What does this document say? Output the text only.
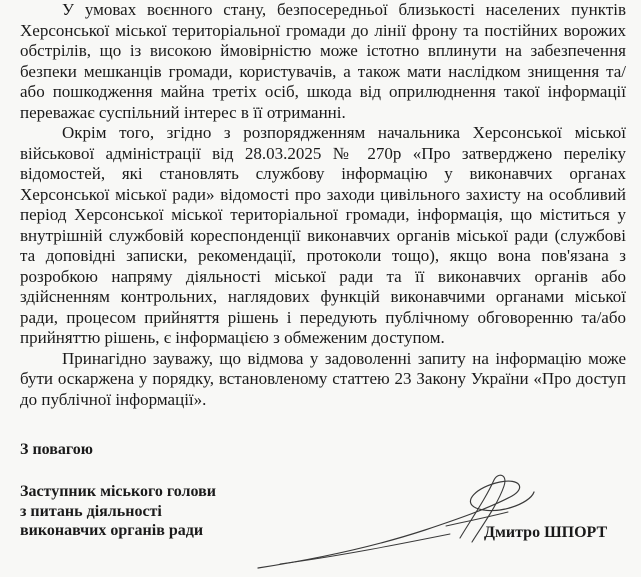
У умовах воєнного стану, безпосередньої близькості населених пунктів Херсонської міської територіальної громади до лінії фрону та постійних ворожих обстрілів, що із високою ймовірністю може істотно вплинути на забезпечення безпеки мешканців громади, користувачів, а також мати наслідком знищення та/або пошкодження майна третіх осіб, шкода від оприлюднення такої інформації переважає суспільний інтерес в її отриманні.

Окрім того, згідно з розпорядженням начальника Херсонської міської військової адміністрації від 28.03.2025 № 270р «Про затверджено переліку відомостей, які становлять службову інформацію у виконавчих органах Херсонської міської ради» відомості про заходи цивільного захисту на особливий період Херсонської міської територіальної громади, інформація, що міститься у внутрішній службовій кореспонденції виконавчих органів міської ради (службові та доповідні записки, рекомендації, протоколи тощо), якщо вона пов'язана з розробкою напряму діяльності міської ради та її виконавчих органів або здійсненням контрольних, наглядових функцій виконавчими органами міської ради, процесом прийняття рішень і передують публічному обговоренню та/або прийняттю рішень, є інформацією з обмеженим доступом.

Принагідно зауважу, що відмова у задоволенні запиту на інформацію може бути оскаржена у порядку, встановленому статтею 23 Закону України «Про доступ до публічної інформації».

З повагою
Заступник міського голови
з питань діяльності
виконавчих органів ради	Дмитро ШПОРТ
